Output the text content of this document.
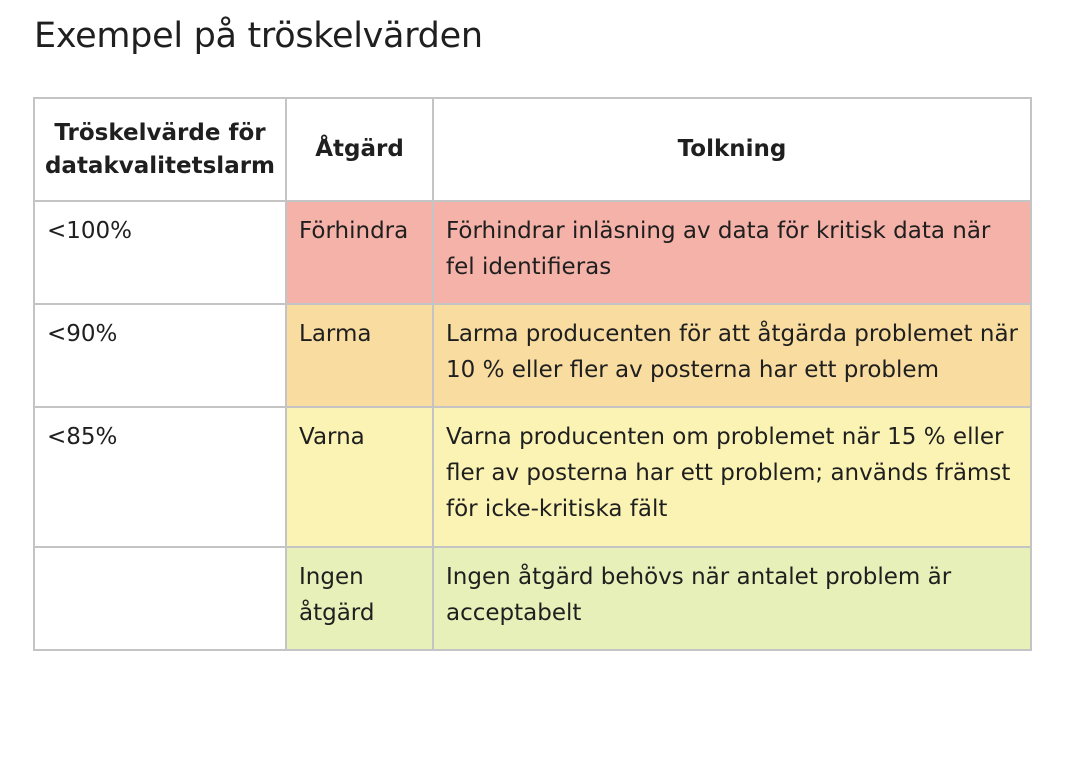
Exempel på tröskelvärden
Tröskelvärde för datakvalitetslarm	Åtgärd	Tolkning
<100%	Förhindra	Förhindrar inläsning av data för kritisk data när fel identifieras
<90%	Larma	Larma producenten för att åtgärda problemet när 10 % eller fler av posterna har ett problem
<85%	Varna	Varna producenten om problemet när 15 % eller fler av posterna har ett problem; används främst för icke-kritiska fält
	Ingen åtgärd	Ingen åtgärd behövs när antalet problem är acceptabelt
